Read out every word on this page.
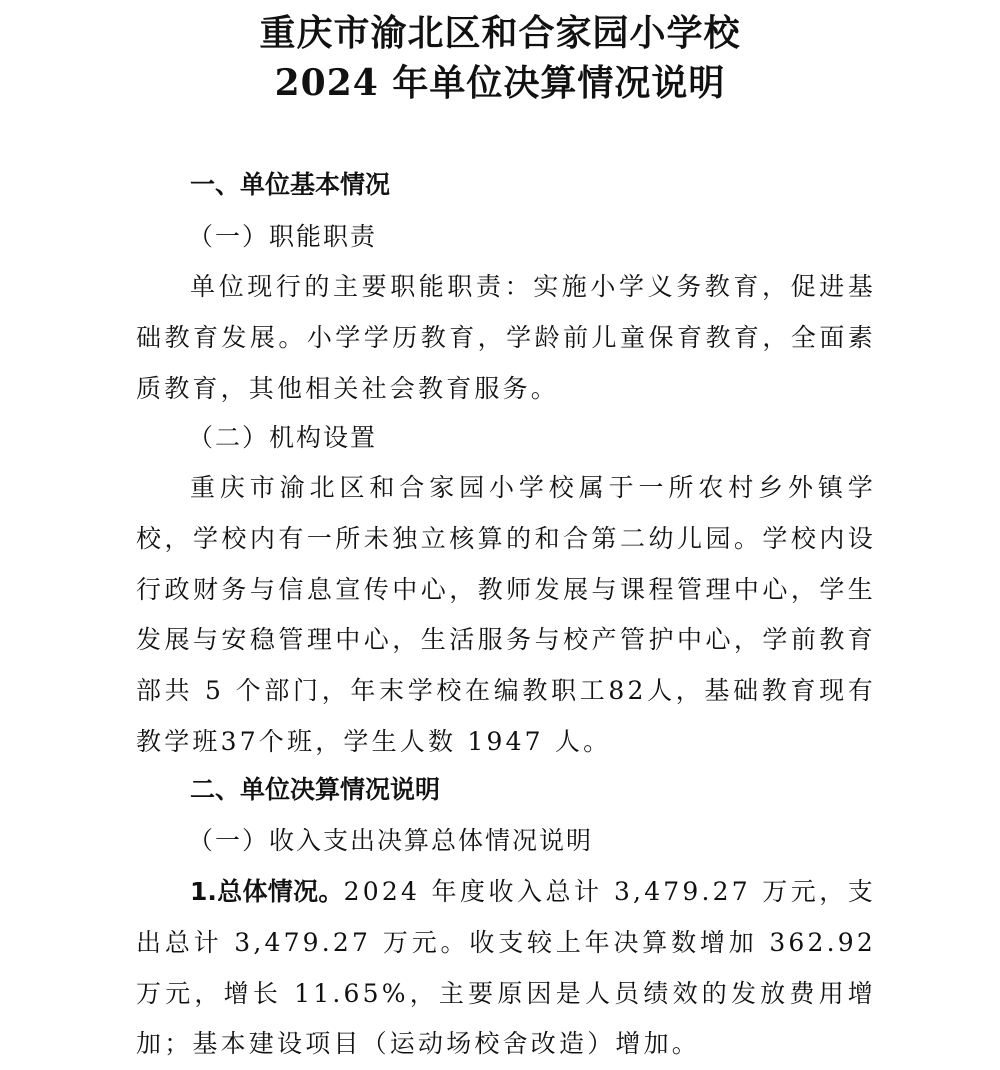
重庆市渝北区和合家园小学校
2024 年单位决算情况说明
一、单位基本情况
（一）职能职责

单位现行的主要职能职责：实施小学义务教育，促进基础教育发展。小学学历教育，学龄前儿童保育教育，全面素质教育，其他相关社会教育服务。

（二）机构设置

重庆市渝北区和合家园小学校属于一所农村乡外镇学校，学校内有一所未独立核算的和合第二幼儿园。学校内设行政财务与信息宣传中心，教师发展与课程管理中心，学生发展与安稳管理中心，生活服务与校产管护中心，学前教育部共 5 个部门，年末学校在编教职工82人，基础教育现有教学班37个班，学生人数 1947 人。

二、单位决算情况说明
（一）收入支出决算总体情况说明

1.总体情况。2024 年度收入总计 3,479.27 万元，支出总计 3,479.27 万元。收支较上年决算数增加 362.92 万元，增长 11.65%，主要原因是人员绩效的发放费用增加；基本建设项目（运动场校舍改造）增加。
